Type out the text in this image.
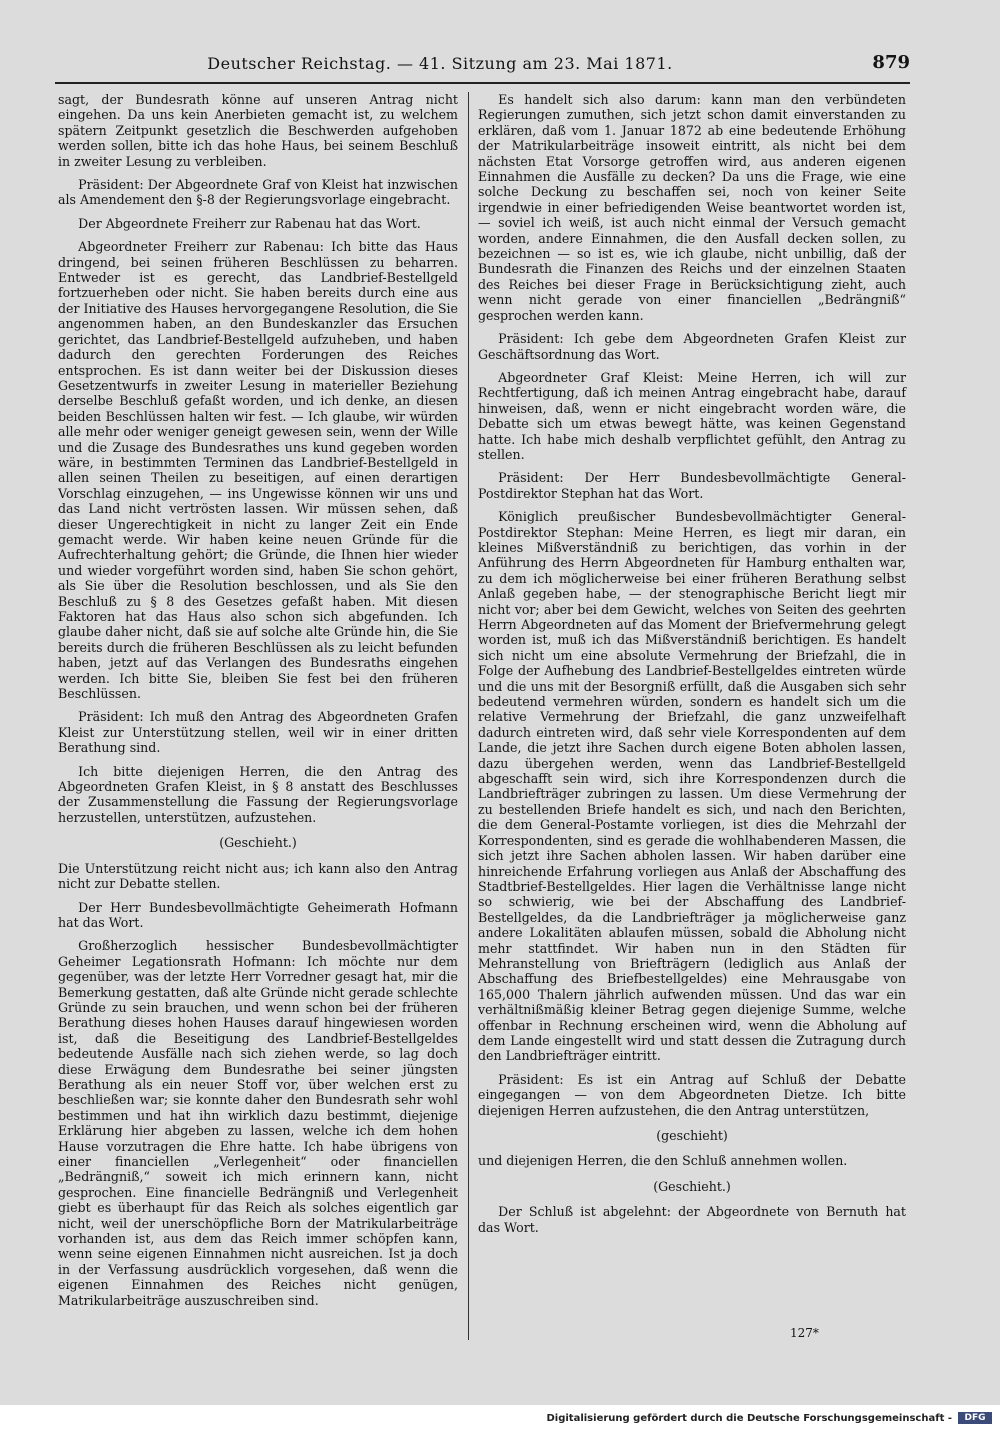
Deutscher Reichstag. — 41. Sitzung am 23. Mai 1871.	879

sagt, der Bundesrath könne auf unseren Antrag nicht eingehen. Da uns kein Anerbieten gemacht ist, zu welchem spätern Zeitpunkt gesetzlich die Beschwerden aufgehoben werden sollen, bitte ich das hohe Haus, bei seinem Beschluß in zweiter Lesung zu verbleiben.

Präsident: Der Abgeordnete Graf von Kleist hat inzwischen als Amendement den §-8 der Regierungsvorlage eingebracht.

Der Abgeordnete Freiherr zur Rabenau hat das Wort.

Abgeordneter Freiherr zur Rabenau: Ich bitte das Haus dringend, bei seinen früheren Beschlüssen zu beharren. Entweder ist es gerecht, das Landbrief-Bestellgeld fortzuerheben oder nicht. Sie haben bereits durch eine aus der Initiative des Hauses hervorgegangene Resolution, die Sie angenommen haben, an den Bundeskanzler das Ersuchen gerichtet, das Landbrief-Bestellgeld aufzuheben, und haben dadurch den gerechten Forderungen des Reiches entsprochen. Es ist dann weiter bei der Diskussion dieses Gesetzentwurfs in zweiter Lesung in materieller Beziehung derselbe Beschluß gefaßt worden, und ich denke, an diesen beiden Beschlüssen halten wir fest. — Ich glaube, wir würden alle mehr oder weniger geneigt gewesen sein, wenn der Wille und die Zusage des Bundesrathes uns kund gegeben worden wäre, in bestimmten Terminen das Landbrief-Bestellgeld in allen seinen Theilen zu beseitigen, auf einen derartigen Vorschlag einzugehen, — ins Ungewisse können wir uns und das Land nicht vertrösten lassen. Wir müssen sehen, daß dieser Ungerechtigkeit in nicht zu langer Zeit ein Ende gemacht werde. Wir haben keine neuen Gründe für die Aufrechterhaltung gehört; die Gründe, die Ihnen hier wieder und wieder vorgeführt worden sind, haben Sie schon gehört, als Sie über die Resolution beschlossen, und als Sie den Beschluß zu § 8 des Gesetzes gefaßt haben. Mit diesen Faktoren hat das Haus also schon sich abgefunden. Ich glaube daher nicht, daß sie auf solche alte Gründe hin, die Sie bereits durch die früheren Beschlüssen als zu leicht befunden haben, jetzt auf das Verlangen des Bundesraths eingehen werden. Ich bitte Sie, bleiben Sie fest bei den früheren Beschlüssen.

Präsident: Ich muß den Antrag des Abgeordneten Grafen Kleist zur Unterstützung stellen, weil wir in einer dritten Berathung sind.

Ich bitte diejenigen Herren, die den Antrag des Abgeordneten Grafen Kleist, in § 8 anstatt des Beschlusses der Zusammenstellung die Fassung der Regierungsvorlage herzustellen, unterstützen, aufzustehen.

(Geschieht.)

Die Unterstützung reicht nicht aus; ich kann also den Antrag nicht zur Debatte stellen.

Der Herr Bundesbevollmächtigte Geheimerath Hofmann hat das Wort.

Großherzoglich hessischer Bundesbevollmächtigter Geheimer Legationsrath Hofmann: Ich möchte nur dem gegenüber, was der letzte Herr Vorredner gesagt hat, mir die Bemerkung gestatten, daß alte Gründe nicht gerade schlechte Gründe zu sein brauchen, und wenn schon bei der früheren Berathung dieses hohen Hauses darauf hingewiesen worden ist, daß die Beseitigung des Landbrief-Bestellgeldes bedeutende Ausfälle nach sich ziehen werde, so lag doch diese Erwägung dem Bundesrathe bei seiner jüngsten Berathung als ein neuer Stoff vor, über welchen erst zu beschließen war; sie konnte daher den Bundesrath sehr wohl bestimmen und hat ihn wirklich dazu bestimmt, diejenige Erklärung hier abgeben zu lassen, welche ich dem hohen Hause vorzutragen die Ehre hatte. Ich habe übrigens von einer financiellen „Verlegenheit“ oder financiellen „Bedrängniß,“ soweit ich mich erinnern kann, nicht gesprochen. Eine financielle Bedrängniß und Verlegenheit giebt es überhaupt für das Reich als solches eigentlich gar nicht, weil der unerschöpfliche Born der Matrikularbeiträge vorhanden ist, aus dem das Reich immer schöpfen kann, wenn seine eigenen Einnahmen nicht ausreichen. Ist ja doch in der Verfassung ausdrücklich vorgesehen, daß wenn die eigenen Einnahmen des Reiches nicht genügen, Matrikularbeiträge auszuschreiben sind.

Es handelt sich also darum: kann man den verbündeten Regierungen zumuthen, sich jetzt schon damit einverstanden zu erklären, daß vom 1. Januar 1872 ab eine bedeutende Erhöhung der Matrikularbeiträge insoweit eintritt, als nicht bei dem nächsten Etat Vorsorge getroffen wird, aus anderen eigenen Einnahmen die Ausfälle zu decken? Da uns die Frage, wie eine solche Deckung zu beschaffen sei, noch von keiner Seite irgendwie in einer befriedigenden Weise beantwortet worden ist, — soviel ich weiß, ist auch nicht einmal der Versuch gemacht worden, andere Einnahmen, die den Ausfall decken sollen, zu bezeichnen — so ist es, wie ich glaube, nicht unbillig, daß der Bundesrath die Finanzen des Reichs und der einzelnen Staaten des Reiches bei dieser Frage in Berücksichtigung zieht, auch wenn nicht gerade von einer financiellen „Bedrängniß“ gesprochen werden kann.

Präsident: Ich gebe dem Abgeordneten Grafen Kleist zur Geschäftsordnung das Wort.

Abgeordneter Graf Kleist: Meine Herren, ich will zur Rechtfertigung, daß ich meinen Antrag eingebracht habe, darauf hinweisen, daß, wenn er nicht eingebracht worden wäre, die Debatte sich um etwas bewegt hätte, was keinen Gegenstand hatte. Ich habe mich deshalb verpflichtet gefühlt, den Antrag zu stellen.

Präsident: Der Herr Bundesbevollmächtigte General-Postdirektor Stephan hat das Wort.

Königlich preußischer Bundesbevollmächtigter General-Postdirektor Stephan: Meine Herren, es liegt mir daran, ein kleines Mißverständniß zu berichtigen, das vorhin in der Anführung des Herrn Abgeordneten für Hamburg enthalten war, zu dem ich möglicherweise bei einer früheren Berathung selbst Anlaß gegeben habe, — der stenographische Bericht liegt mir nicht vor; aber bei dem Gewicht, welches von Seiten des geehrten Herrn Abgeordneten auf das Moment der Briefvermehrung gelegt worden ist, muß ich das Mißverständniß berichtigen. Es handelt sich nicht um eine absolute Vermehrung der Briefzahl, die in Folge der Aufhebung des Landbrief-Bestellgeldes eintreten würde und die uns mit der Besorgniß erfüllt, daß die Ausgaben sich sehr bedeutend vermehren würden, sondern es handelt sich um die relative Vermehrung der Briefzahl, die ganz unzweifelhaft dadurch eintreten wird, daß sehr viele Korrespondenten auf dem Lande, die jetzt ihre Sachen durch eigene Boten abholen lassen, dazu übergehen werden, wenn das Landbrief-Bestellgeld abgeschafft sein wird, sich ihre Korrespondenzen durch die Landbriefträger zubringen zu lassen. Um diese Vermehrung der zu bestellenden Briefe handelt es sich, und nach den Berichten, die dem General-Postamte vorliegen, ist dies die Mehrzahl der Korrespondenten, sind es gerade die wohlhabenderen Massen, die sich jetzt ihre Sachen abholen lassen. Wir haben darüber eine hinreichende Erfahrung vorliegen aus Anlaß der Abschaffung des Stadtbrief-Bestellgeldes. Hier lagen die Verhältnisse lange nicht so schwierig, wie bei der Abschaffung des Landbrief-Bestellgeldes, da die Landbriefträger ja möglicherweise ganz andere Lokalitäten ablaufen müssen, sobald die Abholung nicht mehr stattfindet. Wir haben nun in den Städten für Mehranstellung von Briefträgern (lediglich aus Anlaß der Abschaffung des Briefbestellgeldes) eine Mehrausgabe von 165,000 Thalern jährlich aufwenden müssen. Und das war ein verhältnißmäßig kleiner Betrag gegen diejenige Summe, welche offenbar in Rechnung erscheinen wird, wenn die Abholung auf dem Lande eingestellt wird und statt dessen die Zutragung durch den Landbriefträger eintritt.

Präsident: Es ist ein Antrag auf Schluß der Debatte eingegangen — von dem Abgeordneten Dietze. Ich bitte diejenigen Herren aufzustehen, die den Antrag unterstützen,

(geschieht)

und diejenigen Herren, die den Schluß annehmen wollen.

(Geschieht.)

Der Schluß ist abgelehnt: der Abgeordnete von Bernuth hat das Wort.

127*
Digitalisierung gefördert durch die Deutsche Forschungsgemeinschaft -	DFG
